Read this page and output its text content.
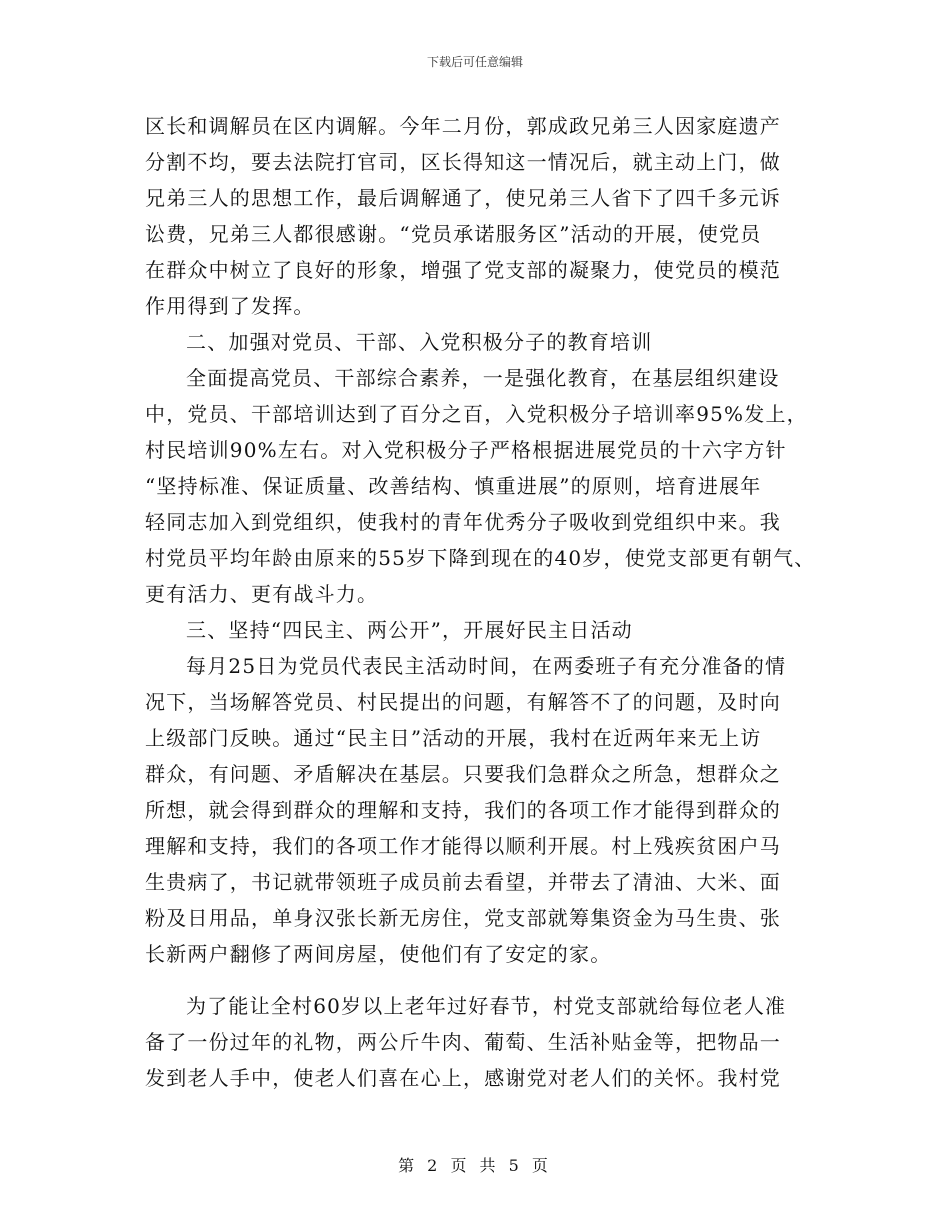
下载后可任意编辑
区长和调解员在区内调解。今年二月份，郭成政兄弟三人因家庭遗产
分割不均，要去法院打官司，区长得知这一情况后，就主动上门，做
兄弟三人的思想工作，最后调解通了，使兄弟三人省下了四千多元诉
讼费，兄弟三人都很感谢。“党员承诺服务区”活动的开展，使党员
在群众中树立了良好的形象，增强了党支部的凝聚力，使党员的模范
作用得到了发挥。
二、加强对党员、干部、入党积极分子的教育培训
全面提高党员、干部综合素养，一是强化教育，在基层组织建设
中，党员、干部培训达到了百分之百，入党积极分子培训率95%发上，
村民培训90%左右。对入党积极分子严格根据进展党员的十六字方针
“坚持标准、保证质量、改善结构、慎重进展”的原则，培育进展年
轻同志加入到党组织，使我村的青年优秀分子吸收到党组织中来。我
村党员平均年龄由原来的55岁下降到现在的40岁，使党支部更有朝气、
更有活力、更有战斗力。
三、坚持“四民主、两公开”，开展好民主日活动
每月25日为党员代表民主活动时间，在两委班子有充分准备的情
况下，当场解答党员、村民提出的问题，有解答不了的问题，及时向
上级部门反映。通过“民主日”活动的开展，我村在近两年来无上访
群众，有问题、矛盾解决在基层。只要我们急群众之所急，想群众之
所想，就会得到群众的理解和支持，我们的各项工作才能得到群众的
理解和支持，我们的各项工作才能得以顺利开展。村上残疾贫困户马
生贵病了，书记就带领班子成员前去看望，并带去了清油、大米、面
粉及日用品，单身汉张长新无房住，党支部就筹集资金为马生贵、张
长新两户翻修了两间房屋，使他们有了安定的家。
为了能让全村60岁以上老年过好春节，村党支部就给每位老人准
备了一份过年的礼物，两公斤牛肉、葡萄、生活补贴金等，把物品一
发到老人手中，使老人们喜在心上，感谢党对老人们的关怀。我村党
第 2 页 共 5 页
